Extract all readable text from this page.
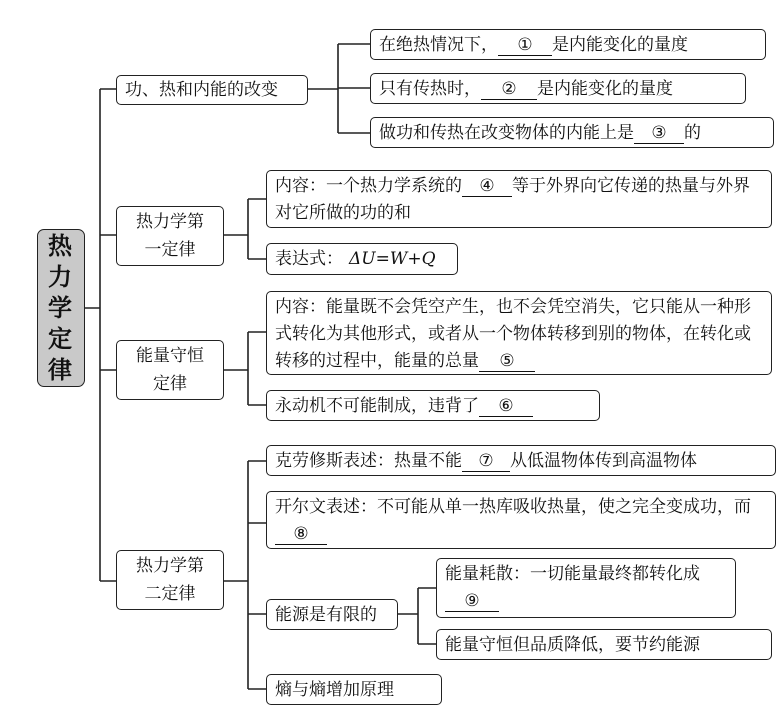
热力学定律
功、热和内能的改变
在绝热情况下， ① 是内能变化的量度
只有传热时， ② 是内能变化的量度
做功和传热在改变物体的内能上是 ③ 的
热力学第一定律
内容：一个热力学系统的 ④ 等于外界向它传递的热量与外界对它所做的功的和
表达式： ΔU=W+Q
能量守恒定律
内容：能量既不会凭空产生，也不会凭空消失，它只能从一种形式转化为其他形式，或者从一个物体转移到别的物体，在转化或转移的过程中，能量的总量 ⑤
永动机不可能制成，违背了 ⑥
热力学第二定律
克劳修斯表述：热量不能 ⑦ 从低温物体传到高温物体
开尔文表述：不可能从单一热库吸收热量，使之完全变成功，而⑧
能源是有限的
能量耗散：一切能量最终都转化成⑨
能量守恒但品质降低，要节约能源
熵与熵增加原理
